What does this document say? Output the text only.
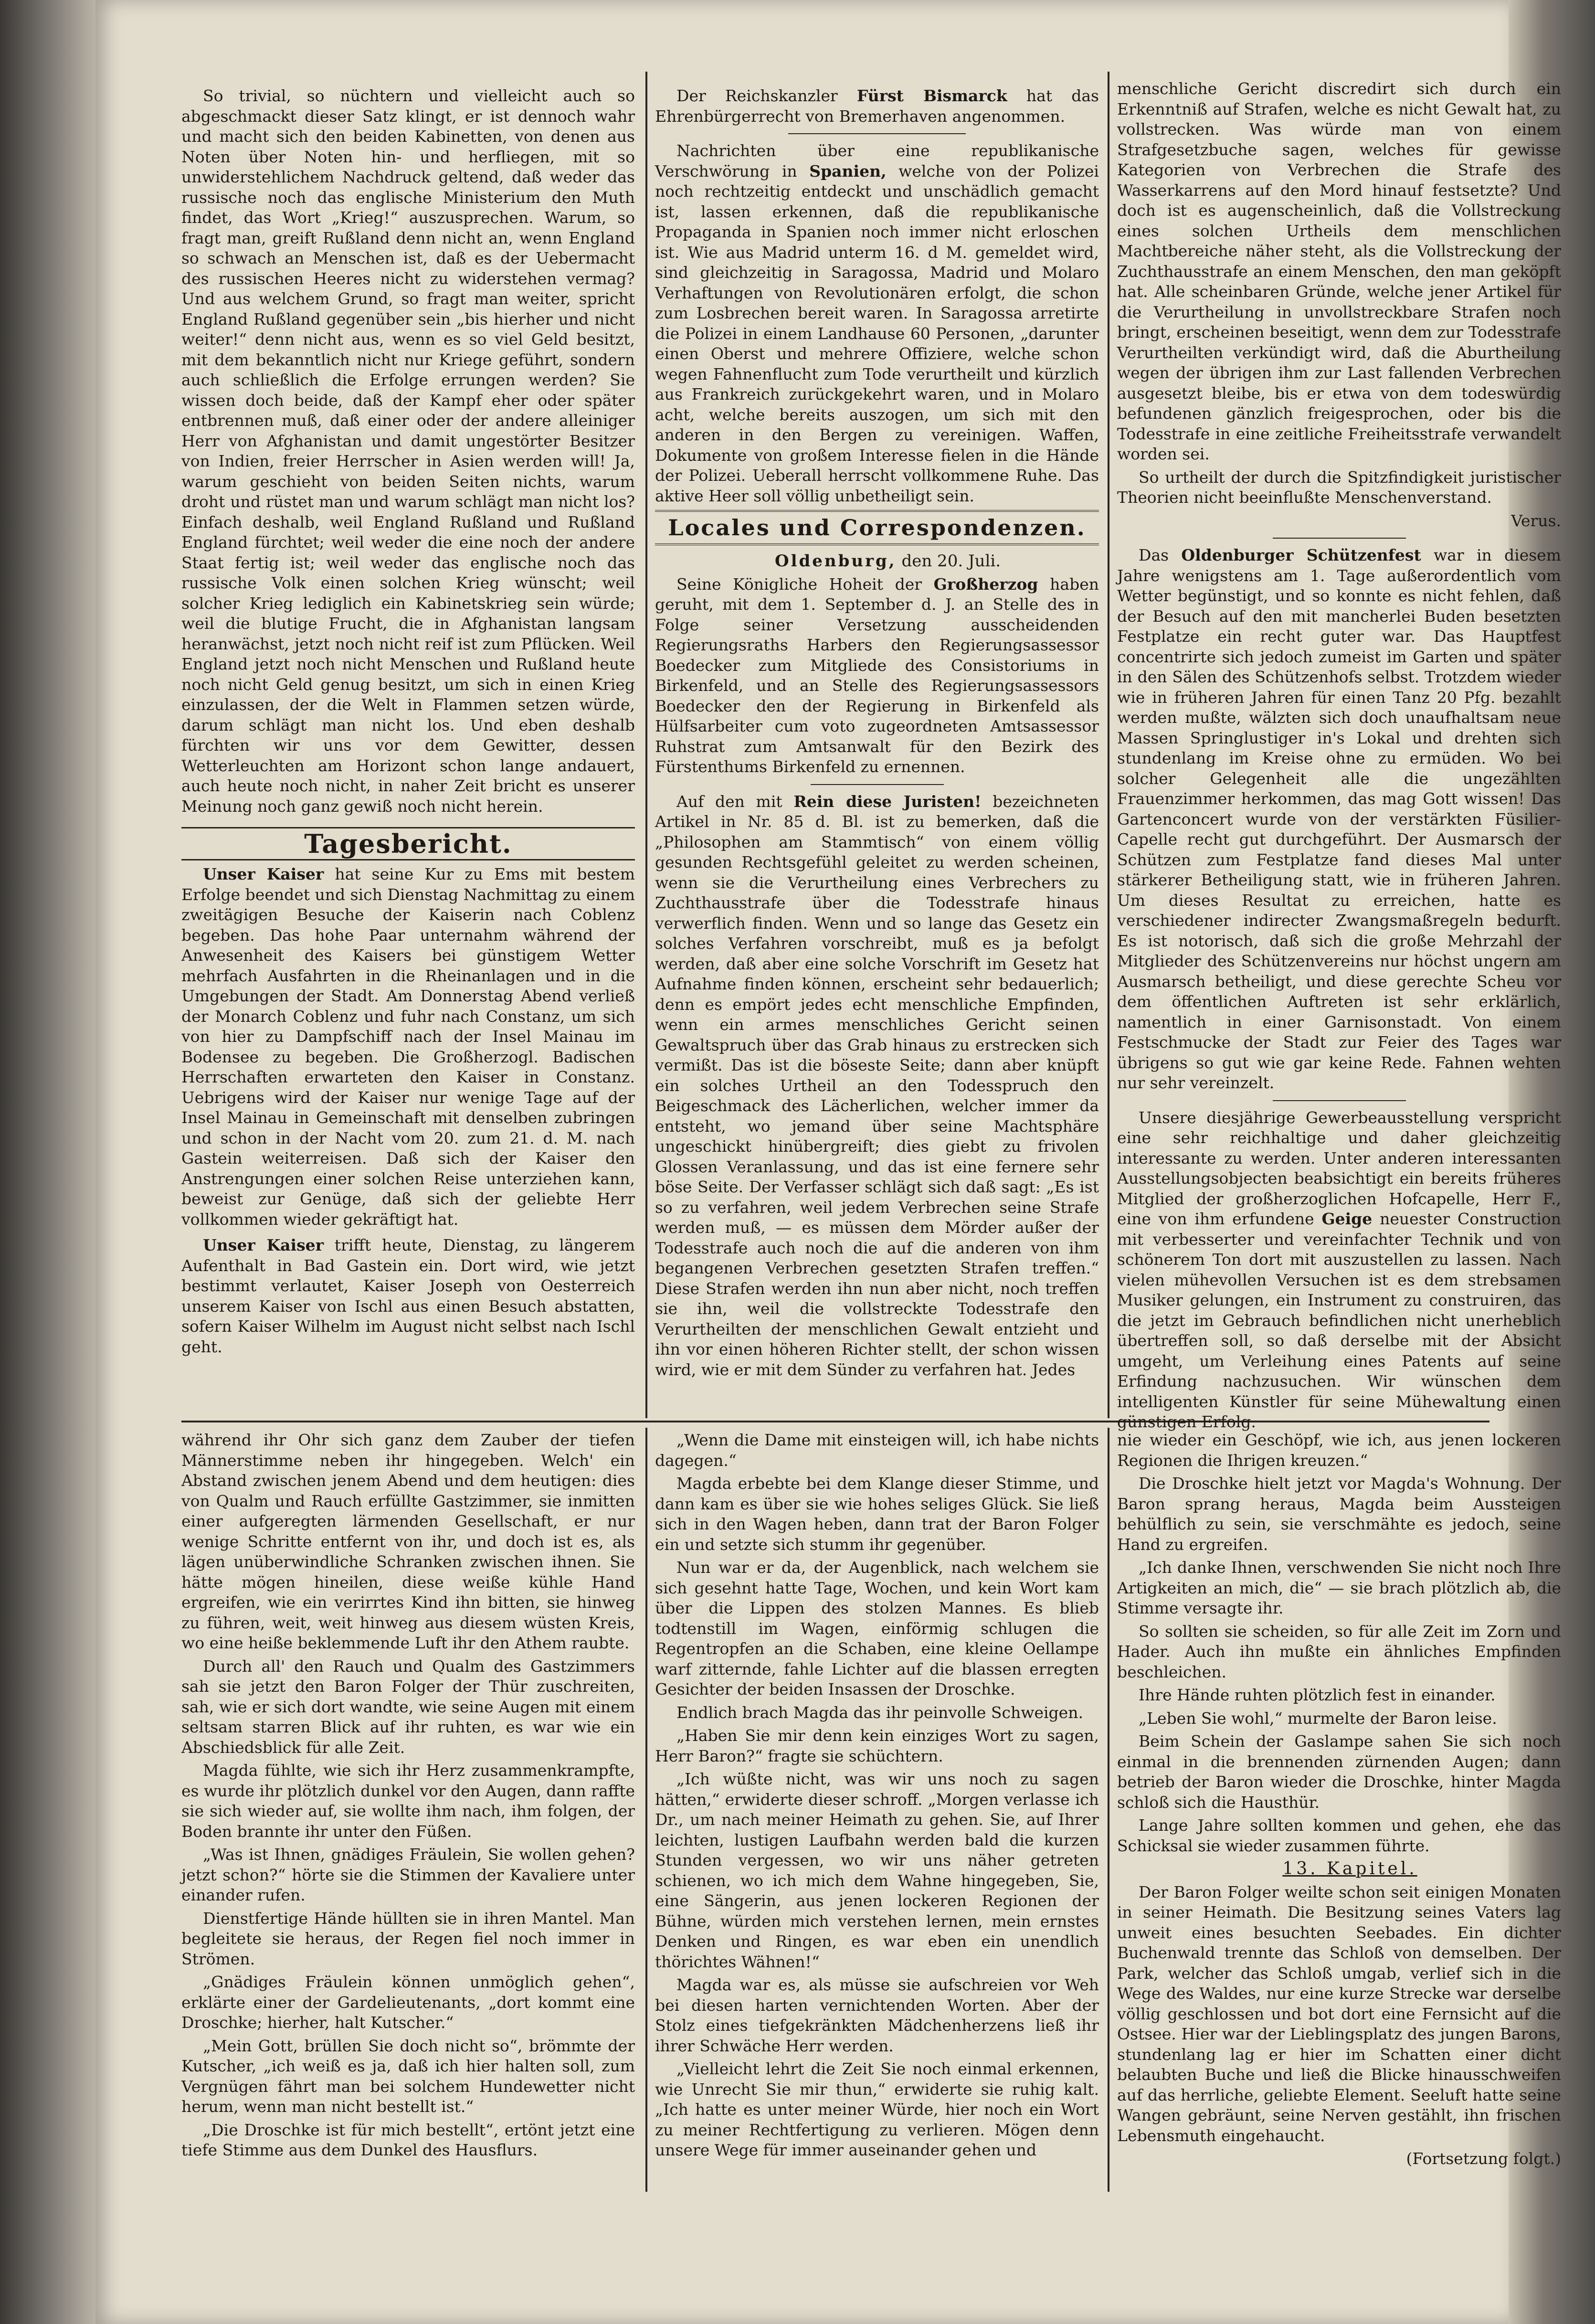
So trivial, so nüchtern und vielleicht auch so abgeschmackt dieser Satz klingt, er ist dennoch wahr und macht sich den beiden Kabinetten, von denen aus Noten über Noten hin- und herfliegen, mit so unwiderstehlichem Nachdruck geltend, daß weder das russische noch das englische Ministerium den Muth findet, das Wort „Krieg!“ auszusprechen. Warum, so fragt man, greift Rußland denn nicht an, wenn England so schwach an Menschen ist, daß es der Uebermacht des russischen Heeres nicht zu widerstehen vermag? Und aus welchem Grund, so fragt man weiter, spricht England Rußland gegenüber sein „bis hierher und nicht weiter!“ denn nicht aus, wenn es so viel Geld besitzt, mit dem bekanntlich nicht nur Kriege geführt, sondern auch schließlich die Erfolge errungen werden? Sie wissen doch beide, daß der Kampf eher oder später entbrennen muß, daß einer oder der andere alleiniger Herr von Afghanistan und damit ungestörter Besitzer von Indien, freier Herrscher in Asien werden will! Ja, warum geschieht von beiden Seiten nichts, warum droht und rüstet man und warum schlägt man nicht los? Einfach deshalb, weil England Rußland und Rußland England fürchtet; weil weder die eine noch der andere Staat fertig ist; weil weder das englische noch das russische Volk einen solchen Krieg wünscht; weil solcher Krieg lediglich ein Kabinetskrieg sein würde; weil die blutige Frucht, die in Afghanistan langsam heranwächst, jetzt noch nicht reif ist zum Pflücken. Weil England jetzt noch nicht Menschen und Rußland heute noch nicht Geld genug besitzt, um sich in einen Krieg einzulassen, der die Welt in Flammen setzen würde, darum schlägt man nicht los. Und eben deshalb fürchten wir uns vor dem Gewitter, dessen Wetterleuchten am Horizont schon lange andauert, auch heute noch nicht, in naher Zeit bricht es unserer Meinung noch ganz gewiß noch nicht herein.

Tagesbericht.

Unser Kaiser hat seine Kur zu Ems mit bestem Erfolge beendet und sich Dienstag Nachmittag zu einem zweitägigen Besuche der Kaiserin nach Coblenz begeben. Das hohe Paar unternahm während der Anwesenheit des Kaisers bei günstigem Wetter mehrfach Ausfahrten in die Rheinanlagen und in die Umgebungen der Stadt. Am Donnerstag Abend verließ der Monarch Coblenz und fuhr nach Constanz, um sich von hier zu Dampfschiff nach der Insel Mainau im Bodensee zu begeben. Die Großherzogl. Badischen Herrschaften erwarteten den Kaiser in Constanz. Uebrigens wird der Kaiser nur wenige Tage auf der Insel Mainau in Gemeinschaft mit denselben zubringen und schon in der Nacht vom 20. zum 21. d. M. nach Gastein weiterreisen. Daß sich der Kaiser den Anstrengungen einer solchen Reise unterziehen kann, beweist zur Genüge, daß sich der geliebte Herr vollkommen wieder gekräftigt hat.

Unser Kaiser trifft heute, Dienstag, zu längerem Aufenthalt in Bad Gastein ein. Dort wird, wie jetzt bestimmt verlautet, Kaiser Joseph von Oesterreich unserem Kaiser von Ischl aus einen Besuch abstatten, sofern Kaiser Wilhelm im August nicht selbst nach Ischl geht.

Der Reichskanzler Fürst Bismarck hat das Ehrenbürgerrecht von Bremerhaven angenommen.

Nachrichten über eine republikanische Verschwörung in Spanien, welche von der Polizei noch rechtzeitig entdeckt und unschädlich gemacht ist, lassen erkennen, daß die republikanische Propaganda in Spanien noch immer nicht erloschen ist. Wie aus Madrid unterm 16. d M. gemeldet wird, sind gleichzeitig in Saragossa, Madrid und Molaro Verhaftungen von Revolutionären erfolgt, die schon zum Losbrechen bereit waren. In Saragossa arretirte die Polizei in einem Landhause 60 Personen, „darunter einen Oberst und mehrere Offiziere, welche schon wegen Fahnenflucht zum Tode verurtheilt und kürzlich aus Frankreich zurückgekehrt waren, und in Molaro acht, welche bereits auszogen, um sich mit den anderen in den Bergen zu vereinigen. Waffen, Dokumente von großem Interesse fielen in die Hände der Polizei. Ueberall herrscht vollkommene Ruhe. Das aktive Heer soll völlig unbetheiligt sein.

Locales und Correspondenzen.

Oldenburg, den 20. Juli.

Seine Königliche Hoheit der Großherzog haben geruht, mit dem 1. September d. J. an Stelle des in Folge seiner Versetzung ausscheidenden Regierungsraths Harbers den Regierungsassessor Boedecker zum Mitgliede des Consistoriums in Birkenfeld, und an Stelle des Regierungsassessors Boedecker den der Regierung in Birkenfeld als Hülfsarbeiter cum voto zugeordneten Amtsassessor Ruhstrat zum Amtsanwalt für den Bezirk des Fürstenthums Birkenfeld zu ernennen.

Auf den mit Rein diese Juristen! bezeichneten Artikel in Nr. 85 d. Bl. ist zu bemerken, daß die „Philosophen am Stammtisch“ von einem völlig gesunden Rechtsgefühl geleitet zu werden scheinen, wenn sie die Verurtheilung eines Verbrechers zu Zuchthausstrafe über die Todesstrafe hinaus verwerflich finden. Wenn und so lange das Gesetz ein solches Verfahren vorschreibt, muß es ja befolgt werden, daß aber eine solche Vorschrift im Gesetz hat Aufnahme finden können, erscheint sehr bedauerlich; denn es empört jedes echt menschliche Empfinden, wenn ein armes menschliches Gericht seinen Gewaltspruch über das Grab hinaus zu erstrecken sich vermißt. Das ist die böseste Seite; dann aber knüpft ein solches Urtheil an den Todesspruch den Beigeschmack des Lächerlichen, welcher immer da entsteht, wo jemand über seine Machtsphäre ungeschickt hinübergreift; dies giebt zu frivolen Glossen Veranlassung, und das ist eine fernere sehr böse Seite. Der Verfasser schlägt sich daß sagt: „Es ist so zu verfahren, weil jedem Verbrechen seine Strafe werden muß, — es müssen dem Mörder außer der Todesstrafe auch noch die auf die anderen von ihm begangenen Verbrechen gesetzten Strafen treffen.“ Diese Strafen werden ihn nun aber nicht, noch treffen sie ihn, weil die vollstreckte Todesstrafe den Verurtheilten der menschlichen Gewalt entzieht und ihn vor einen höheren Richter stellt, der schon wissen wird, wie er mit dem Sünder zu verfahren hat. Jedes

menschliche Gericht discredirt sich durch ein Erkenntniß auf Strafen, welche es nicht Gewalt hat, zu vollstrecken. Was würde man von einem Strafgesetzbuche sagen, welches für gewisse Kategorien von Verbrechen die Strafe des Wasserkarrens auf den Mord hinauf festsetzte? Und doch ist es augenscheinlich, daß die Vollstreckung eines solchen Urtheils dem menschlichen Machtbereiche näher steht, als die Vollstreckung der Zuchthausstrafe an einem Menschen, den man geköpft hat. Alle scheinbaren Gründe, welche jener Artikel für die Verurtheilung in unvollstreckbare Strafen noch bringt, erscheinen beseitigt, wenn dem zur Todesstrafe Verurtheilten verkündigt wird, daß die Aburtheilung wegen der übrigen ihm zur Last fallenden Verbrechen ausgesetzt bleibe, bis er etwa von dem todeswürdig befundenen gänzlich freigesprochen, oder bis die Todesstrafe in eine zeitliche Freiheitsstrafe verwandelt worden sei.

So urtheilt der durch die Spitzfindigkeit juristischer Theorien nicht beeinflußte Menschenverstand.

Verus.

Das Oldenburger Schützenfest war in diesem Jahre wenigstens am 1. Tage außerordentlich vom Wetter begünstigt, und so konnte es nicht fehlen, daß der Besuch auf den mit mancherlei Buden besetzten Festplatze ein recht guter war. Das Hauptfest concentrirte sich jedoch zumeist im Garten und später in den Sälen des Schützenhofs selbst. Trotzdem wieder wie in früheren Jahren für einen Tanz 20 Pfg. bezahlt werden mußte, wälzten sich doch unaufhaltsam neue Massen Springlustiger in's Lokal und drehten sich stundenlang im Kreise ohne zu ermüden. Wo bei solcher Gelegenheit alle die ungezählten Frauenzimmer herkommen, das mag Gott wissen! Das Gartenconcert wurde von der verstärkten Füsilier-Capelle recht gut durchgeführt. Der Ausmarsch der Schützen zum Festplatze fand dieses Mal unter stärkerer Betheiligung statt, wie in früheren Jahren. Um dieses Resultat zu erreichen, hatte es verschiedener indirecter Zwangsmaßregeln bedurft. Es ist notorisch, daß sich die große Mehrzahl der Mitglieder des Schützenvereins nur höchst ungern am Ausmarsch betheiligt, und diese gerechte Scheu vor dem öffentlichen Auftreten ist sehr erklärlich, namentlich in einer Garnisonstadt. Von einem Festschmucke der Stadt zur Feier des Tages war übrigens so gut wie gar keine Rede. Fahnen wehten nur sehr vereinzelt.

Unsere diesjährige Gewerbeausstellung verspricht eine sehr reichhaltige und daher gleichzeitig interessante zu werden. Unter anderen interessanten Ausstellungsobjecten beabsichtigt ein bereits früheres Mitglied der großherzoglichen Hofcapelle, Herr F., eine von ihm erfundene Geige neuester Construction mit verbesserter und vereinfachter Technik und von schönerem Ton dort mit auszustellen zu lassen. Nach vielen mühevollen Versuchen ist es dem strebsamen Musiker gelungen, ein Instrument zu construiren, das die jetzt im Gebrauch befindlichen nicht unerheblich übertreffen soll, so daß derselbe mit der Absicht umgeht, um Verleihung eines Patents auf seine Erfindung nachzusuchen. Wir wünschen dem intelligenten Künstler für seine Mühewaltung einen günstigen Erfolg.

während ihr Ohr sich ganz dem Zauber der tiefen Männerstimme neben ihr hingegeben. Welch' ein Abstand zwischen jenem Abend und dem heutigen: dies von Qualm und Rauch erfüllte Gastzimmer, sie inmitten einer aufgeregten lärmenden Gesellschaft, er nur wenige Schritte entfernt von ihr, und doch ist es, als lägen unüberwindliche Schranken zwischen ihnen. Sie hätte mögen hineilen, diese weiße kühle Hand ergreifen, wie ein verirrtes Kind ihn bitten, sie hinweg zu führen, weit, weit hinweg aus diesem wüsten Kreis, wo eine heiße beklemmende Luft ihr den Athem raubte.

Durch all' den Rauch und Qualm des Gastzimmers sah sie jetzt den Baron Folger der Thür zuschreiten, sah, wie er sich dort wandte, wie seine Augen mit einem seltsam starren Blick auf ihr ruhten, es war wie ein Abschiedsblick für alle Zeit.

Magda fühlte, wie sich ihr Herz zusammenkrampfte, es wurde ihr plötzlich dunkel vor den Augen, dann raffte sie sich wieder auf, sie wollte ihm nach, ihm folgen, der Boden brannte ihr unter den Füßen.

„Was ist Ihnen, gnädiges Fräulein, Sie wollen gehen? jetzt schon?“ hörte sie die Stimmen der Kavaliere unter einander rufen.

Dienstfertige Hände hüllten sie in ihren Mantel. Man begleitete sie heraus, der Regen fiel noch immer in Strömen.

„Gnädiges Fräulein können unmöglich gehen“, erklärte einer der Gardelieutenants, „dort kommt eine Droschke; hierher, halt Kutscher.“

„Mein Gott, brüllen Sie doch nicht so“, brömmte der Kutscher, „ich weiß es ja, daß ich hier halten soll, zum Vergnügen fährt man bei solchem Hundewetter nicht herum, wenn man nicht bestellt ist.“

„Die Droschke ist für mich bestellt“, ertönt jetzt eine tiefe Stimme aus dem Dunkel des Hausflurs.

„Wenn die Dame mit einsteigen will, ich habe nichts dagegen.“

Magda erbebte bei dem Klange dieser Stimme, und dann kam es über sie wie hohes seliges Glück. Sie ließ sich in den Wagen heben, dann trat der Baron Folger ein und setzte sich stumm ihr gegenüber.

Nun war er da, der Augenblick, nach welchem sie sich gesehnt hatte Tage, Wochen, und kein Wort kam über die Lippen des stolzen Mannes. Es blieb todtenstill im Wagen, einförmig schlugen die Regentropfen an die Schaben, eine kleine Oellampe warf zitternde, fahle Lichter auf die blassen erregten Gesichter der beiden Insassen der Droschke.

Endlich brach Magda das ihr peinvolle Schweigen.

„Haben Sie mir denn kein einziges Wort zu sagen, Herr Baron?“ fragte sie schüchtern.

„Ich wüßte nicht, was wir uns noch zu sagen hätten,“ erwiderte dieser schroff. „Morgen verlasse ich Dr., um nach meiner Heimath zu gehen. Sie, auf Ihrer leichten, lustigen Laufbahn werden bald die kurzen Stunden vergessen, wo wir uns näher getreten schienen, wo ich mich dem Wahne hingegeben, Sie, eine Sängerin, aus jenen lockeren Regionen der Bühne, würden mich verstehen lernen, mein ernstes Denken und Ringen, es war eben ein unendlich thörichtes Wähnen!“

Magda war es, als müsse sie aufschreien vor Weh bei diesen harten vernichtenden Worten. Aber der Stolz eines tiefgekränkten Mädchenherzens ließ ihr ihrer Schwäche Herr werden.

„Vielleicht lehrt die Zeit Sie noch einmal erkennen, wie Unrecht Sie mir thun,“ erwiderte sie ruhig kalt. „Ich hatte es unter meiner Würde, hier noch ein Wort zu meiner Rechtfertigung zu verlieren. Mögen denn unsere Wege für immer auseinander gehen und

nie wieder ein Geschöpf, wie ich, aus jenen lockeren Regionen die Ihrigen kreuzen.“

Die Droschke hielt jetzt vor Magda's Wohnung. Der Baron sprang heraus, Magda beim Aussteigen behülflich zu sein, sie verschmähte es jedoch, seine Hand zu ergreifen.

„Ich danke Ihnen, verschwenden Sie nicht noch Ihre Artigkeiten an mich, die“ — sie brach plötzlich ab, die Stimme versagte ihr.

So sollten sie scheiden, so für alle Zeit im Zorn und Hader. Auch ihn mußte ein ähnliches Empfinden beschleichen.

Ihre Hände ruhten plötzlich fest in einander.

„Leben Sie wohl,“ murmelte der Baron leise.

Beim Schein der Gaslampe sahen Sie sich noch einmal in die brennenden zürnenden Augen; dann betrieb der Baron wieder die Droschke, hinter Magda schloß sich die Hausthür.

Lange Jahre sollten kommen und gehen, ehe das Schicksal sie wieder zusammen führte.

13. Kapitel.

Der Baron Folger weilte schon seit einigen Monaten in seiner Heimath. Die Besitzung seines Vaters lag unweit eines besuchten Seebades. Ein dichter Buchenwald trennte das Schloß von demselben. Der Park, welcher das Schloß umgab, verlief sich in die Wege des Waldes, nur eine kurze Strecke war derselbe völlig geschlossen und bot dort eine Fernsicht auf die Ostsee. Hier war der Lieblingsplatz des jungen Barons, stundenlang lag er hier im Schatten einer dicht belaubten Buche und ließ die Blicke hinausschweifen auf das herrliche, geliebte Element. Seeluft hatte seine Wangen gebräunt, seine Nerven gestählt, ihn frischen Lebensmuth eingehaucht.

(Fortsetzung folgt.)
